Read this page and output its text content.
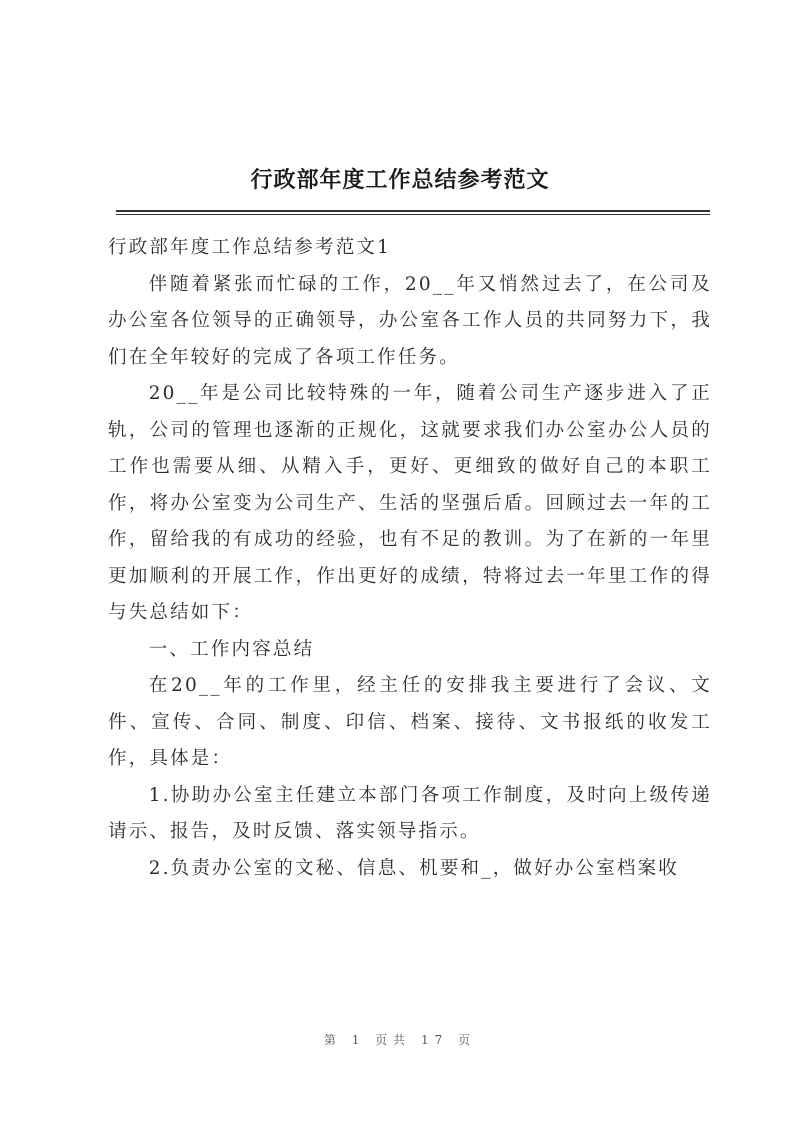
行政部年度工作总结参考范文

行政部年度工作总结参考范文1

伴随着紧张而忙碌的工作，20__年又悄然过去了，在公司及办公室各位领导的正确领导，办公室各工作人员的共同努力下，我们在全年较好的完成了各项工作任务。

20__年是公司比较特殊的一年，随着公司生产逐步进入了正轨，公司的管理也逐渐的正规化，这就要求我们办公室办公人员的工作也需要从细、从精入手，更好、更细致的做好自己的本职工作，将办公室变为公司生产、生活的坚强后盾。回顾过去一年的工作，留给我的有成功的经验，也有不足的教训。为了在新的一年里更加顺利的开展工作，作出更好的成绩，特将过去一年里工作的得与失总结如下：

一、工作内容总结

在20__年的工作里，经主任的安排我主要进行了会议、文件、宣传、合同、制度、印信、档案、接待、文书报纸的收发工作，具体是：

1.协助办公室主任建立本部门各项工作制度，及时向上级传递请示、报告，及时反馈、落实领导指示。

2.负责办公室的文秘、信息、机要和_，做好办公室档案收

第 1 页共 17 页
